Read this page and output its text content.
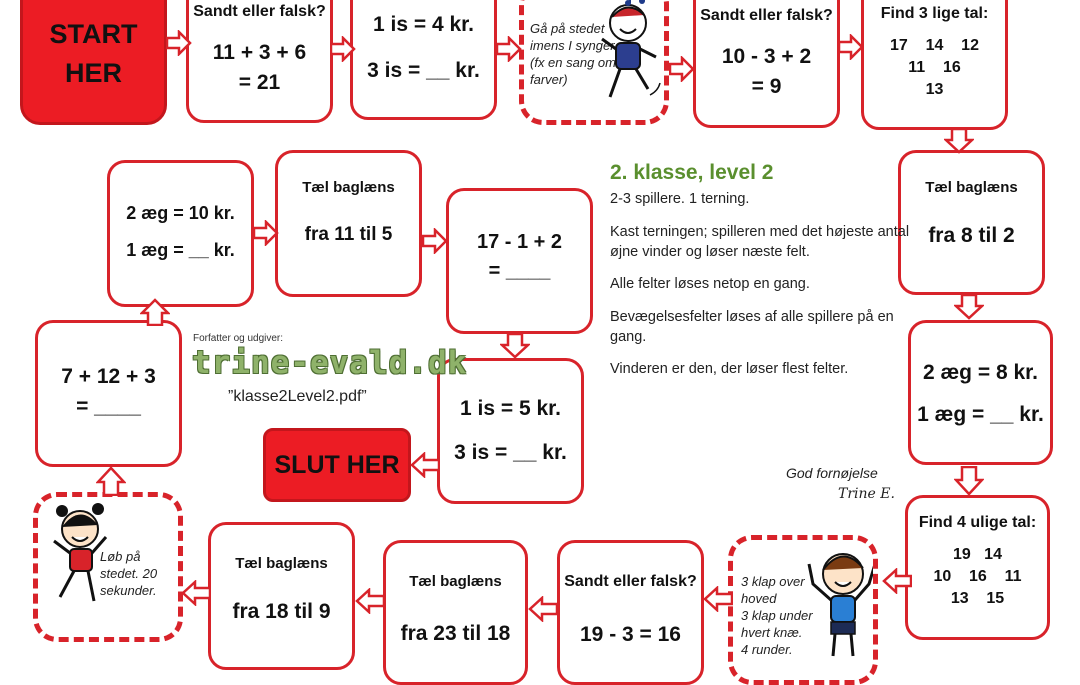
START
HER
Sandt eller falsk?
11 + 3 + 6
= 21
1 is = 4 kr.
3 is = __ kr.
Gå på stedet imens I synger (fx en sang om farver)
Sandt eller falsk?
10 - 3 + 2
= 9
Find 3 lige tal:
17    14    12
11    16
13
Tæl baglæns
fra 8 til 2
2 æg = 8 kr.
1 æg = __ kr.
Find 4 ulige tal:
19   14
10    16    11
13    15
3 klap over hoved
3 klap under hvert knæ.
4 runder.
Sandt eller falsk?
19 - 3 = 16
Tæl baglæns
fra 23 til 18
Tæl baglæns
fra 18 til 9
Løb på stedet. 20 sekunder.
7 + 12 + 3
= ____
2 æg = 10 kr.
1 æg = __ kr.
Tæl baglæns
fra 11 til 5	17 - 1 + 2
= ____
1 is = 5 kr.
3 is = __ kr.
SLUT HER
Forfatter og udgiver:
trine-evald.dk
”klasse2Level2.pdf”
2. klasse, level 2

2-3 spillere. 1 terning.

Kast terningen; spilleren med det højeste antal øjne vinder og løser næste felt.

Alle felter løses netop en gang.

Bevægelsesfelter løses af alle spillere på en gang.

Vinderen er den, der løser flest felter.

God fornøjelse
Trine E.
